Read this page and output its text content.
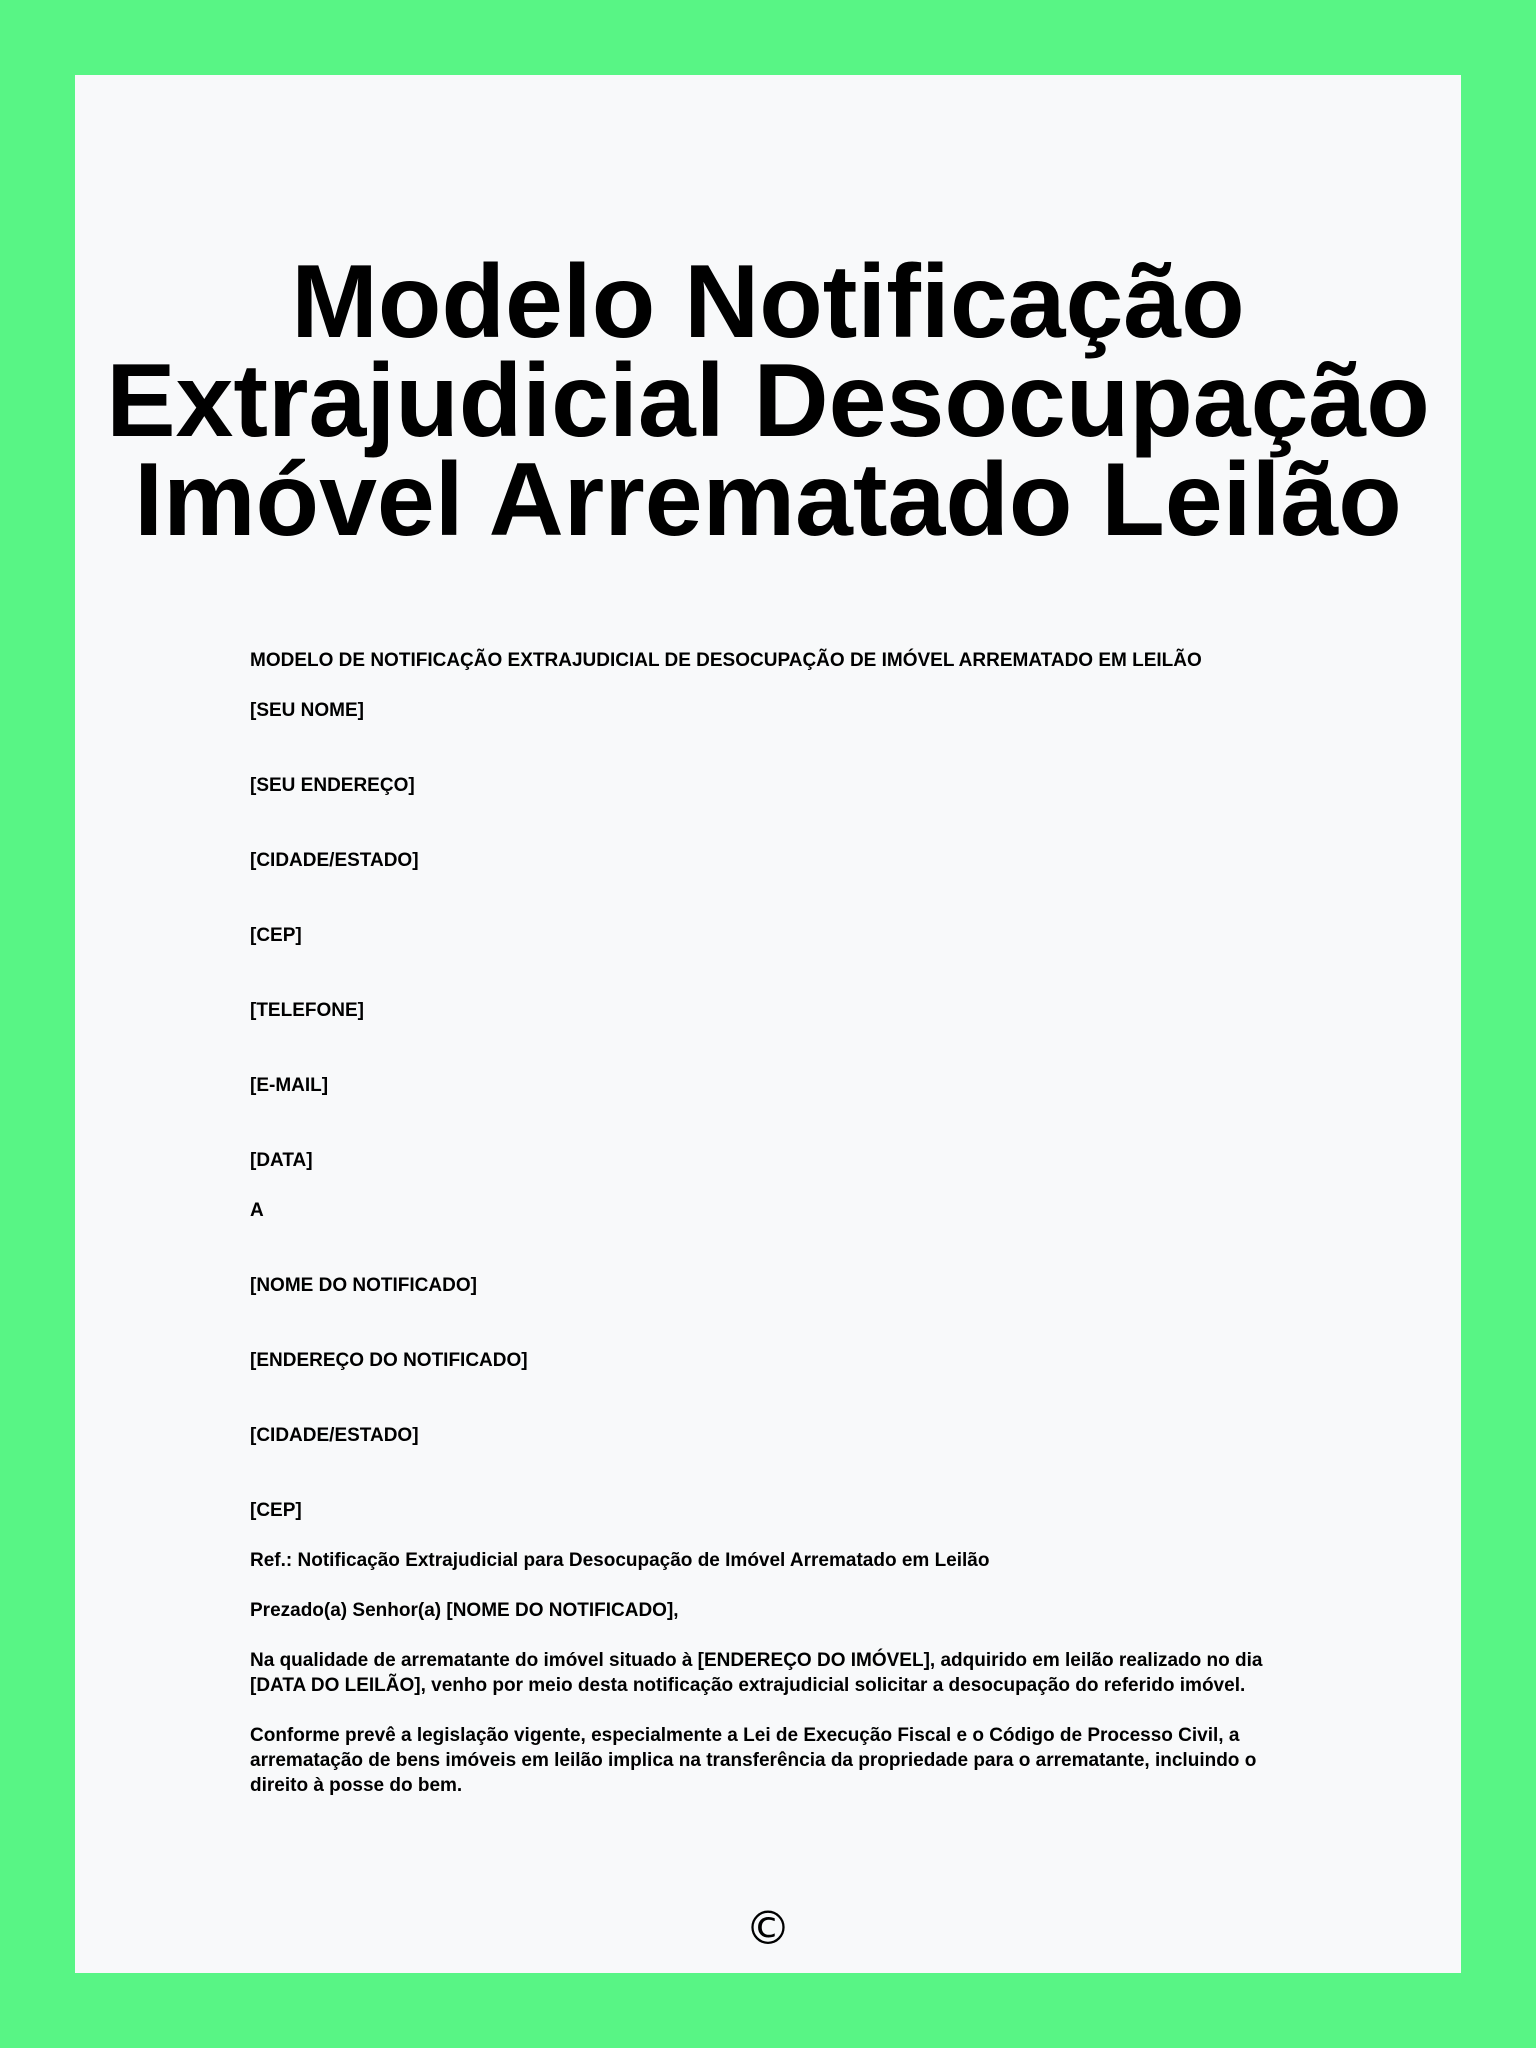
Modelo Notificação
Extrajudicial Desocupação
Imóvel Arrematado Leilão
MODELO DE NOTIFICAÇÃO EXTRAJUDICIAL DE DESOCUPAÇÃO DE IMÓVEL ARREMATADO EM LEILÃO
[SEU NOME]
[SEU ENDEREÇO]
[CIDADE/ESTADO]
[CEP]
[TELEFONE]
[E-MAIL]
[DATA]
A
[NOME DO NOTIFICADO]
[ENDEREÇO DO NOTIFICADO]
[CIDADE/ESTADO]
[CEP]
Ref.: Notificação Extrajudicial para Desocupação de Imóvel Arrematado em Leilão
Prezado(a) Senhor(a) [NOME DO NOTIFICADO],

Na qualidade de arrematante do imóvel situado à [ENDEREÇO DO IMÓVEL], adquirido em leilão realizado no dia [DATA DO LEILÃO], venho por meio desta notificação extrajudicial solicitar a desocupação do referido imóvel.

Conforme prevê a legislação vigente, especialmente a Lei de Execução Fiscal e o Código de Processo Civil, a arrematação de bens imóveis em leilão implica na transferência da propriedade para o arrematante, incluindo o direito à posse do bem.

©
